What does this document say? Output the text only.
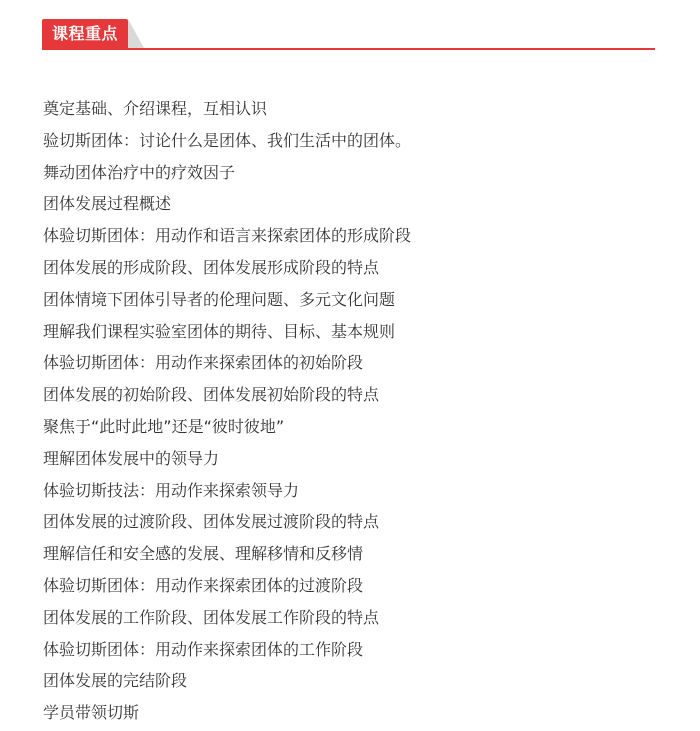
课程重点
奠定基础、介绍课程，互相认识
验切斯团体：讨论什么是团体、我们生活中的团体。
舞动团体治疗中的疗效因子
团体发展过程概述
体验切斯团体：用动作和语言来探索团体的形成阶段
团体发展的形成阶段、团体发展形成阶段的特点
团体情境下团体引导者的伦理问题、多元文化问题
理解我们课程实验室团体的期待、目标、基本规则
体验切斯团体：用动作来探索团体的初始阶段
团体发展的初始阶段、团体发展初始阶段的特点
聚焦于“此时此地”还是“彼时彼地”
理解团体发展中的领导力
体验切斯技法：用动作来探索领导力
团体发展的过渡阶段、团体发展过渡阶段的特点
理解信任和安全感的发展、理解移情和反移情
体验切斯团体：用动作来探索团体的过渡阶段
团体发展的工作阶段、团体发展工作阶段的特点
体验切斯团体：用动作来探索团体的工作阶段
团体发展的完结阶段
学员带领切斯
